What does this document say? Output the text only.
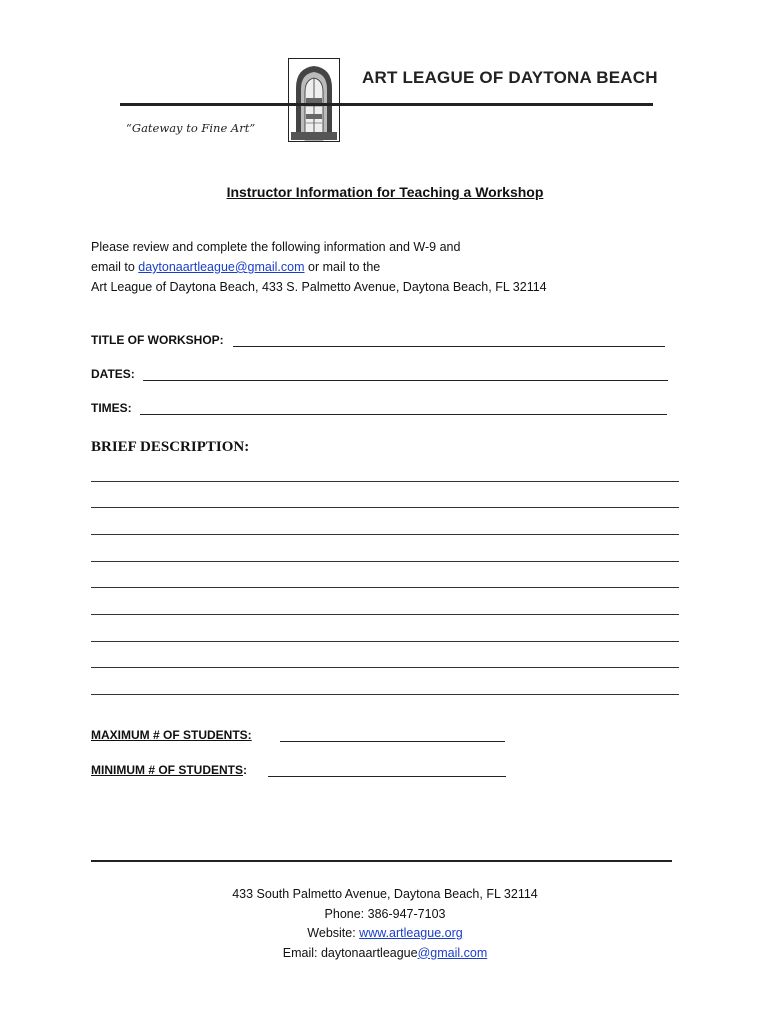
ART LEAGUE OF DAYTONA BEACH
“Gateway to Fine Art”
Instructor Information for Teaching a Workshop
Please review and complete the following information and W-9 and
email to daytonaartleague@gmail.com or mail to the
Art League of Daytona Beach, 433 S. Palmetto Avenue, Daytona Beach, FL 32114
TITLE OF WORKSHOP:
DATES:
TIMES:
BRIEF DESCRIPTION:
MAXIMUM # OF STUDENTS:
MINIMUM # OF STUDENTS:
433 South Palmetto Avenue, Daytona Beach, FL 32114
Phone: 386-947-7103
Website: www.artleague.org
Email: daytonaartleague@gmail.com
